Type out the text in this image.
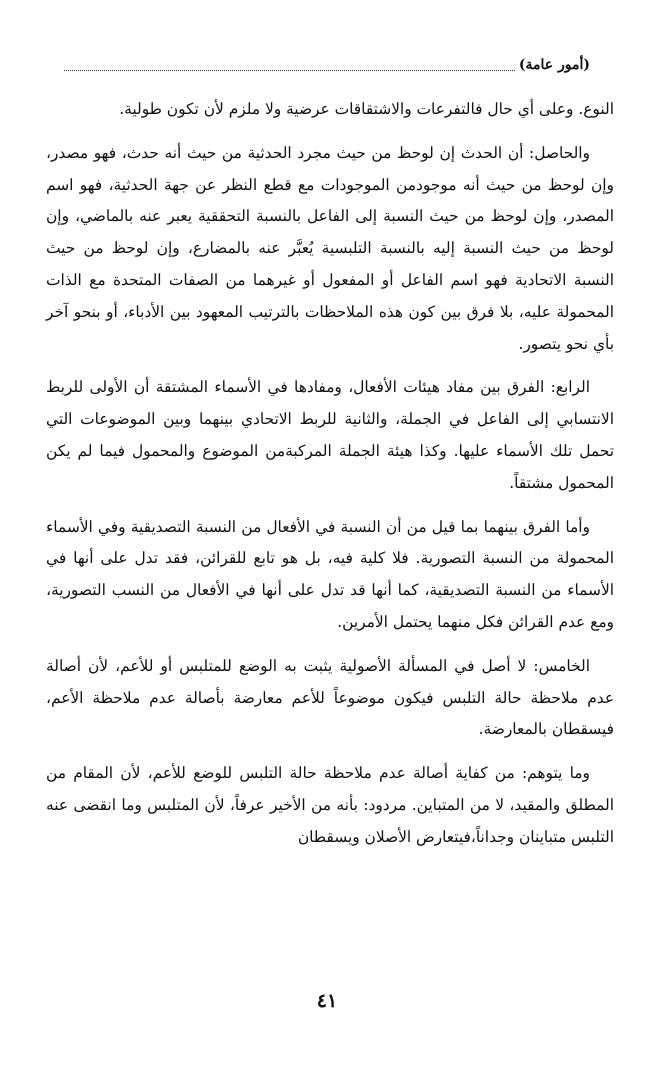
(أمور عامة)

النوع. وعلى أي حال فالتفرعات والاشتقاقات عرضية ولا ملزم لأن تكون طولية.

والحاصل: أن الحدث إن لوحظ من حيث مجرد الحدثية من حيث أنه حدث، فهو مصدر، وإن لوحظ من حيث أنه موجودمن الموجودات مع قطع النظر عن جهة الحدثية، فهو اسم المصدر، وإن لوحظ من حيث النسبة إلى الفاعل بالنسبة التحققية يعبر عنه بالماضي، وإن لوحظ من حيث النسبة إليه بالنسبة التلبسية يُعبَّر عنه بالمضارع، وإن لوحظ من حيث النسبة الاتحادية فهو اسم الفاعل أو المفعول أو غيرهما من الصفات المتحدة مع الذات المحمولة عليه، بلا فرق بين كون هذه الملاحظات بالترتيب المعهود بين الأدباء، أو بنحو آخر بأي نحو يتصور.

الرابع: الفرق بين مفاد هيئات الأفعال، ومفادها في الأسماء المشتقة أن الأولى للربط الانتسابي إلى الفاعل في الجملة، والثانية للربط الاتحادي بينهما وبين الموضوعات التي تحمل تلك الأسماء عليها. وكذا هيئة الجملة المركبةمن الموضوع والمحمول فيما لم يكن المحمول مشتقاً.

وأما الفرق بينهما بما قيل من أن النسبة في الأفعال من النسبة التصديقية وفي الأسماء المحمولة من النسبة التصورية. فلا كلية فيه، بل هو تابع للقرائن، فقد تدل على أنها في الأسماء من النسبة التصديقية، كما أنها قد تدل على أنها في الأفعال من النسب التصورية، ومع عدم القرائن فكل منهما يحتمل الأمرين.

الخامس: لا أصل في المسألة الأصولية يثبت به الوضع للمتلبس أو للأعم، لأن أصالة عدم ملاحظة حالة التلبس فيكون موضوعاً للأعم معارضة بأصالة عدم ملاحظة الأعم، فيسقطان بالمعارضة.

وما يتوهم: من كفاية أصالة عدم ملاحظة حالة التلبس للوضع للأعم، لأن المقام من المطلق والمقيد، لا من المتباين. مردود: بأنه من الأخير عرفاً، لأن المتلبس وما انقضى عنه التلبس متباينان وجداناً،فيتعارض الأصلان ويسقطان

٤١
